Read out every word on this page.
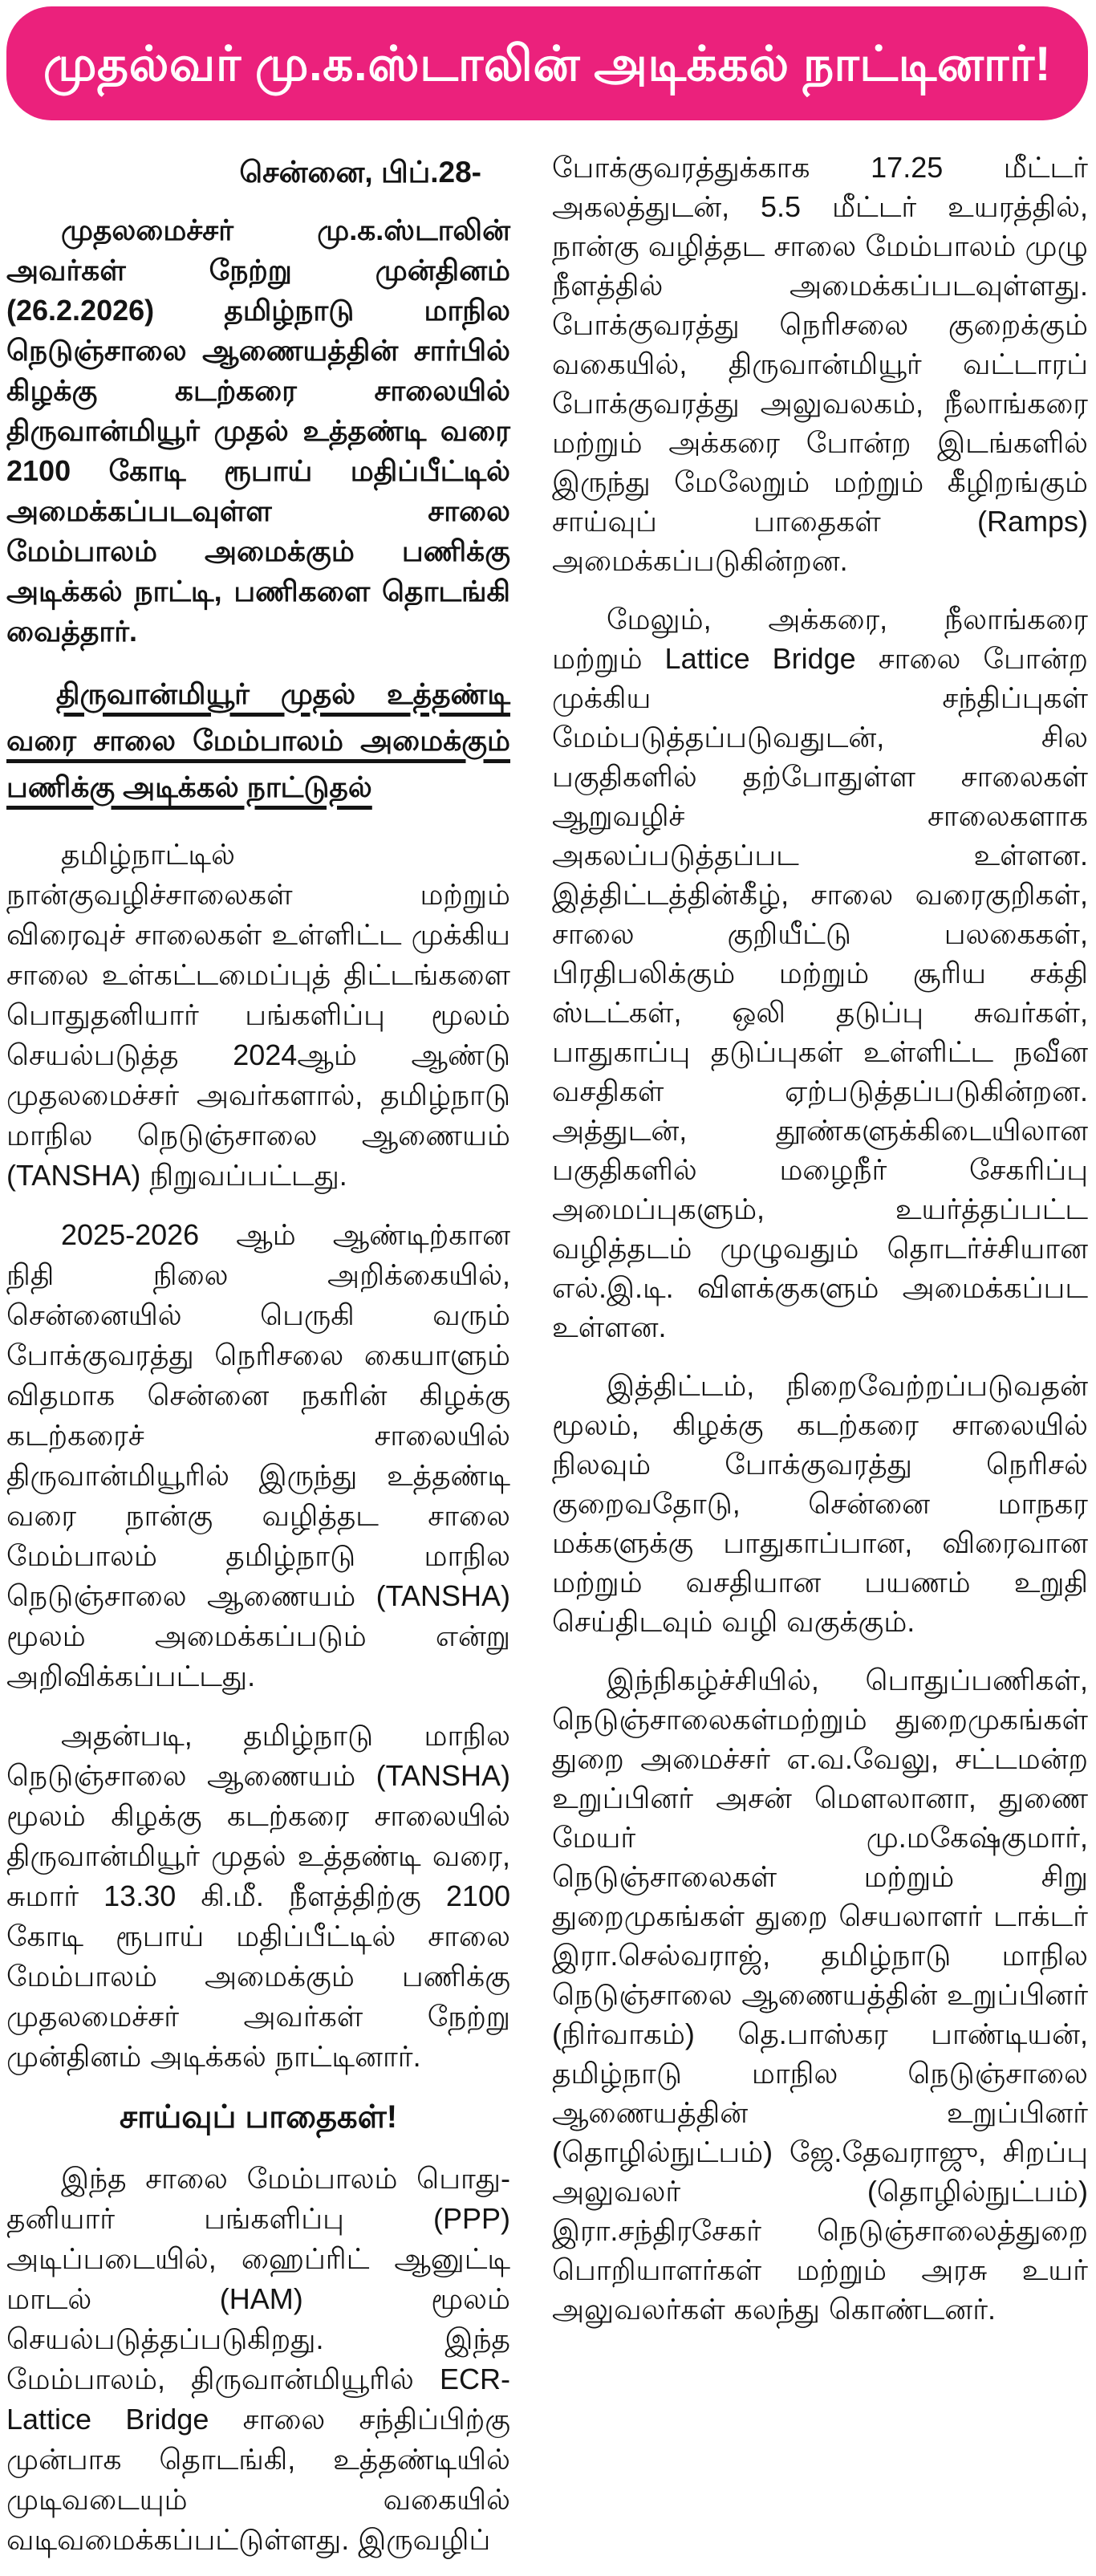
முதல்வர் மு.க.ஸ்டாலின் அடிக்கல் நாட்டினார்!
சென்னை, பிப்.28-

முதலமைச்சர் மு.க.ஸ்டாலின் அவர்கள் நேற்று முன்தினம் (26.2.2026) தமிழ்நாடு மாநில நெடுஞ்சாலை ஆணையத்தின் சார்பில் கிழக்கு கடற்கரை சாலையில் திருவான்மியூர் முதல் உத்தண்டி வரை 2100 கோடி ரூபாய் மதிப்பீட்டில் அமைக்கப்படவுள்ள சாலை மேம்பாலம் அமைக்கும் பணிக்கு அடிக்கல் நாட்டி, பணிகளை தொடங்கி வைத்தார்.

திருவான்மியூர் முதல் உத்தண்டி வரை சாலை மேம்பாலம் அமைக்கும் பணிக்கு அடிக்கல் நாட்டுதல்

தமிழ்நாட்டில் நான்குவழிச்சாலைகள் மற்றும் விரைவுச் சாலைகள் உள்ளிட்ட முக்கிய சாலை உள்கட்டமைப்புத் திட்டங்களை பொதுதனியார் பங்களிப்பு மூலம் செயல்படுத்த 2024ஆம் ஆண்டு முதலமைச்சர் அவர்களால், தமிழ்நாடு மாநில நெடுஞ்சாலை ஆணையம் (TANSHA) நிறுவப்பட்டது.

2025-2026 ஆம் ஆண்டிற்கான நிதி நிலை அறிக்கையில், சென்னையில் பெருகி வரும் போக்குவரத்து நெரிசலை கையாளும் விதமாக சென்னை நகரின் கிழக்கு கடற்கரைச் சாலையில் திருவான்மியூரில் இருந்து உத்தண்டி வரை நான்கு வழித்தட சாலை மேம்பாலம் தமிழ்நாடு மாநில நெடுஞ்சாலை ஆணையம் (TANSHA) மூலம் அமைக்கப்படும் என்று அறிவிக்கப்பட்டது.

அதன்படி, தமிழ்நாடு மாநில நெடுஞ்சாலை ஆணையம் (TANSHA) மூலம் கிழக்கு கடற்கரை சாலையில் திருவான்மியூர் முதல் உத்தண்டி வரை, சுமார் 13.30 கி.மீ. நீளத்திற்கு 2100 கோடி ரூபாய் மதிப்பீட்டில் சாலை மேம்பாலம் அமைக்கும் பணிக்கு முதலமைச்சர் அவர்கள் நேற்று முன்தினம் அடிக்கல் நாட்டினார்.

சாய்வுப் பாதைகள்!

இந்த சாலை மேம்பாலம் பொது-தனியார் பங்களிப்பு (PPP) அடிப்படையில், ஹைப்ரிட் ஆனுட்டி மாடல் (HAM) மூலம் செயல்படுத்தப்படுகிறது. இந்த மேம்பாலம், திருவான்மியூரில் ECR-Lattice Bridge சாலை சந்திப்பிற்கு முன்பாக தொடங்கி, உத்தண்டியில் முடிவடையும் வகையில் வடிவமைக்கப்பட்டுள்ளது. இருவழிப்

போக்குவரத்துக்காக 17.25 மீட்டர் அகலத்துடன், 5.5 மீட்டர் உயரத்தில், நான்கு வழித்தட சாலை மேம்பாலம் முழு நீளத்தில் அமைக்கப்படவுள்ளது. போக்குவரத்து நெரிசலை குறைக்கும் வகையில், திருவான்மியூர் வட்டாரப் போக்குவரத்து அலுவலகம், நீலாங்கரை மற்றும் அக்கரை போன்ற இடங்களில் இருந்து மேலேறும் மற்றும் கீழிறங்கும் சாய்வுப் பாதைகள் (Ramps) அமைக்கப்படுகின்றன.

மேலும், அக்கரை, நீலாங்கரை மற்றும் Lattice Bridge சாலை போன்ற முக்கிய சந்திப்புகள் மேம்படுத்தப்படுவதுடன், சில பகுதிகளில் தற்போதுள்ள சாலைகள் ஆறுவழிச் சாலைகளாக அகலப்படுத்தப்பட உள்ளன. இத்திட்டத்தின்கீழ், சாலை வரைகுறிகள், சாலை குறியீட்டு பலகைகள், பிரதிபலிக்கும் மற்றும் சூரிய சக்தி ஸ்டட்கள், ஒலி தடுப்பு சுவர்கள், பாதுகாப்பு தடுப்புகள் உள்ளிட்ட நவீன வசதிகள் ஏற்படுத்தப்படுகின்றன. அத்துடன், தூண்களுக்கிடையிலான பகுதிகளில் மழைநீர் சேகரிப்பு அமைப்புகளும், உயர்த்தப்பட்ட வழித்தடம் முழுவதும் தொடர்ச்சியான எல்.இ.டி. விளக்குகளும் அமைக்கப்பட உள்ளன.

இத்திட்டம், நிறைவேற்றப்படுவதன் மூலம், கிழக்கு கடற்கரை சாலையில் நிலவும் போக்குவரத்து நெரிசல் குறைவதோடு, சென்னை மாநகர மக்களுக்கு பாதுகாப்பான, விரைவான மற்றும் வசதியான பயணம் உறுதி செய்திடவும் வழி வகுக்கும்.

இந்நிகழ்ச்சியில், பொதுப்பணிகள், நெடுஞ்சாலைகள்மற்றும் துறைமுகங்கள் துறை அமைச்சர் எ.வ.வேலு, சட்டமன்ற உறுப்பினர் அசன் மௌலானா, துணை மேயர் மு.மகேஷ்குமார், நெடுஞ்சாலைகள் மற்றும் சிறு துறைமுகங்கள் துறை செயலாளர் டாக்டர் இரா.செல்வராஜ், தமிழ்நாடு மாநில நெடுஞ்சாலை ஆணையத்தின் உறுப்பினர் (நிர்வாகம்) தெ.பாஸ்கர பாண்டியன், தமிழ்நாடு மாநில நெடுஞ்சாலை ஆணையத்தின் உறுப்பினர் (தொழில்நுட்பம்) ஜே.தேவராஜு, சிறப்பு அலுவலர் (தொழில்நுட்பம்) இரா.சந்திரசேகர் நெடுஞ்சாலைத்துறை பொறியாளர்கள் மற்றும் அரசு உயர் அலுவலர்கள் கலந்து கொண்டனர்.
